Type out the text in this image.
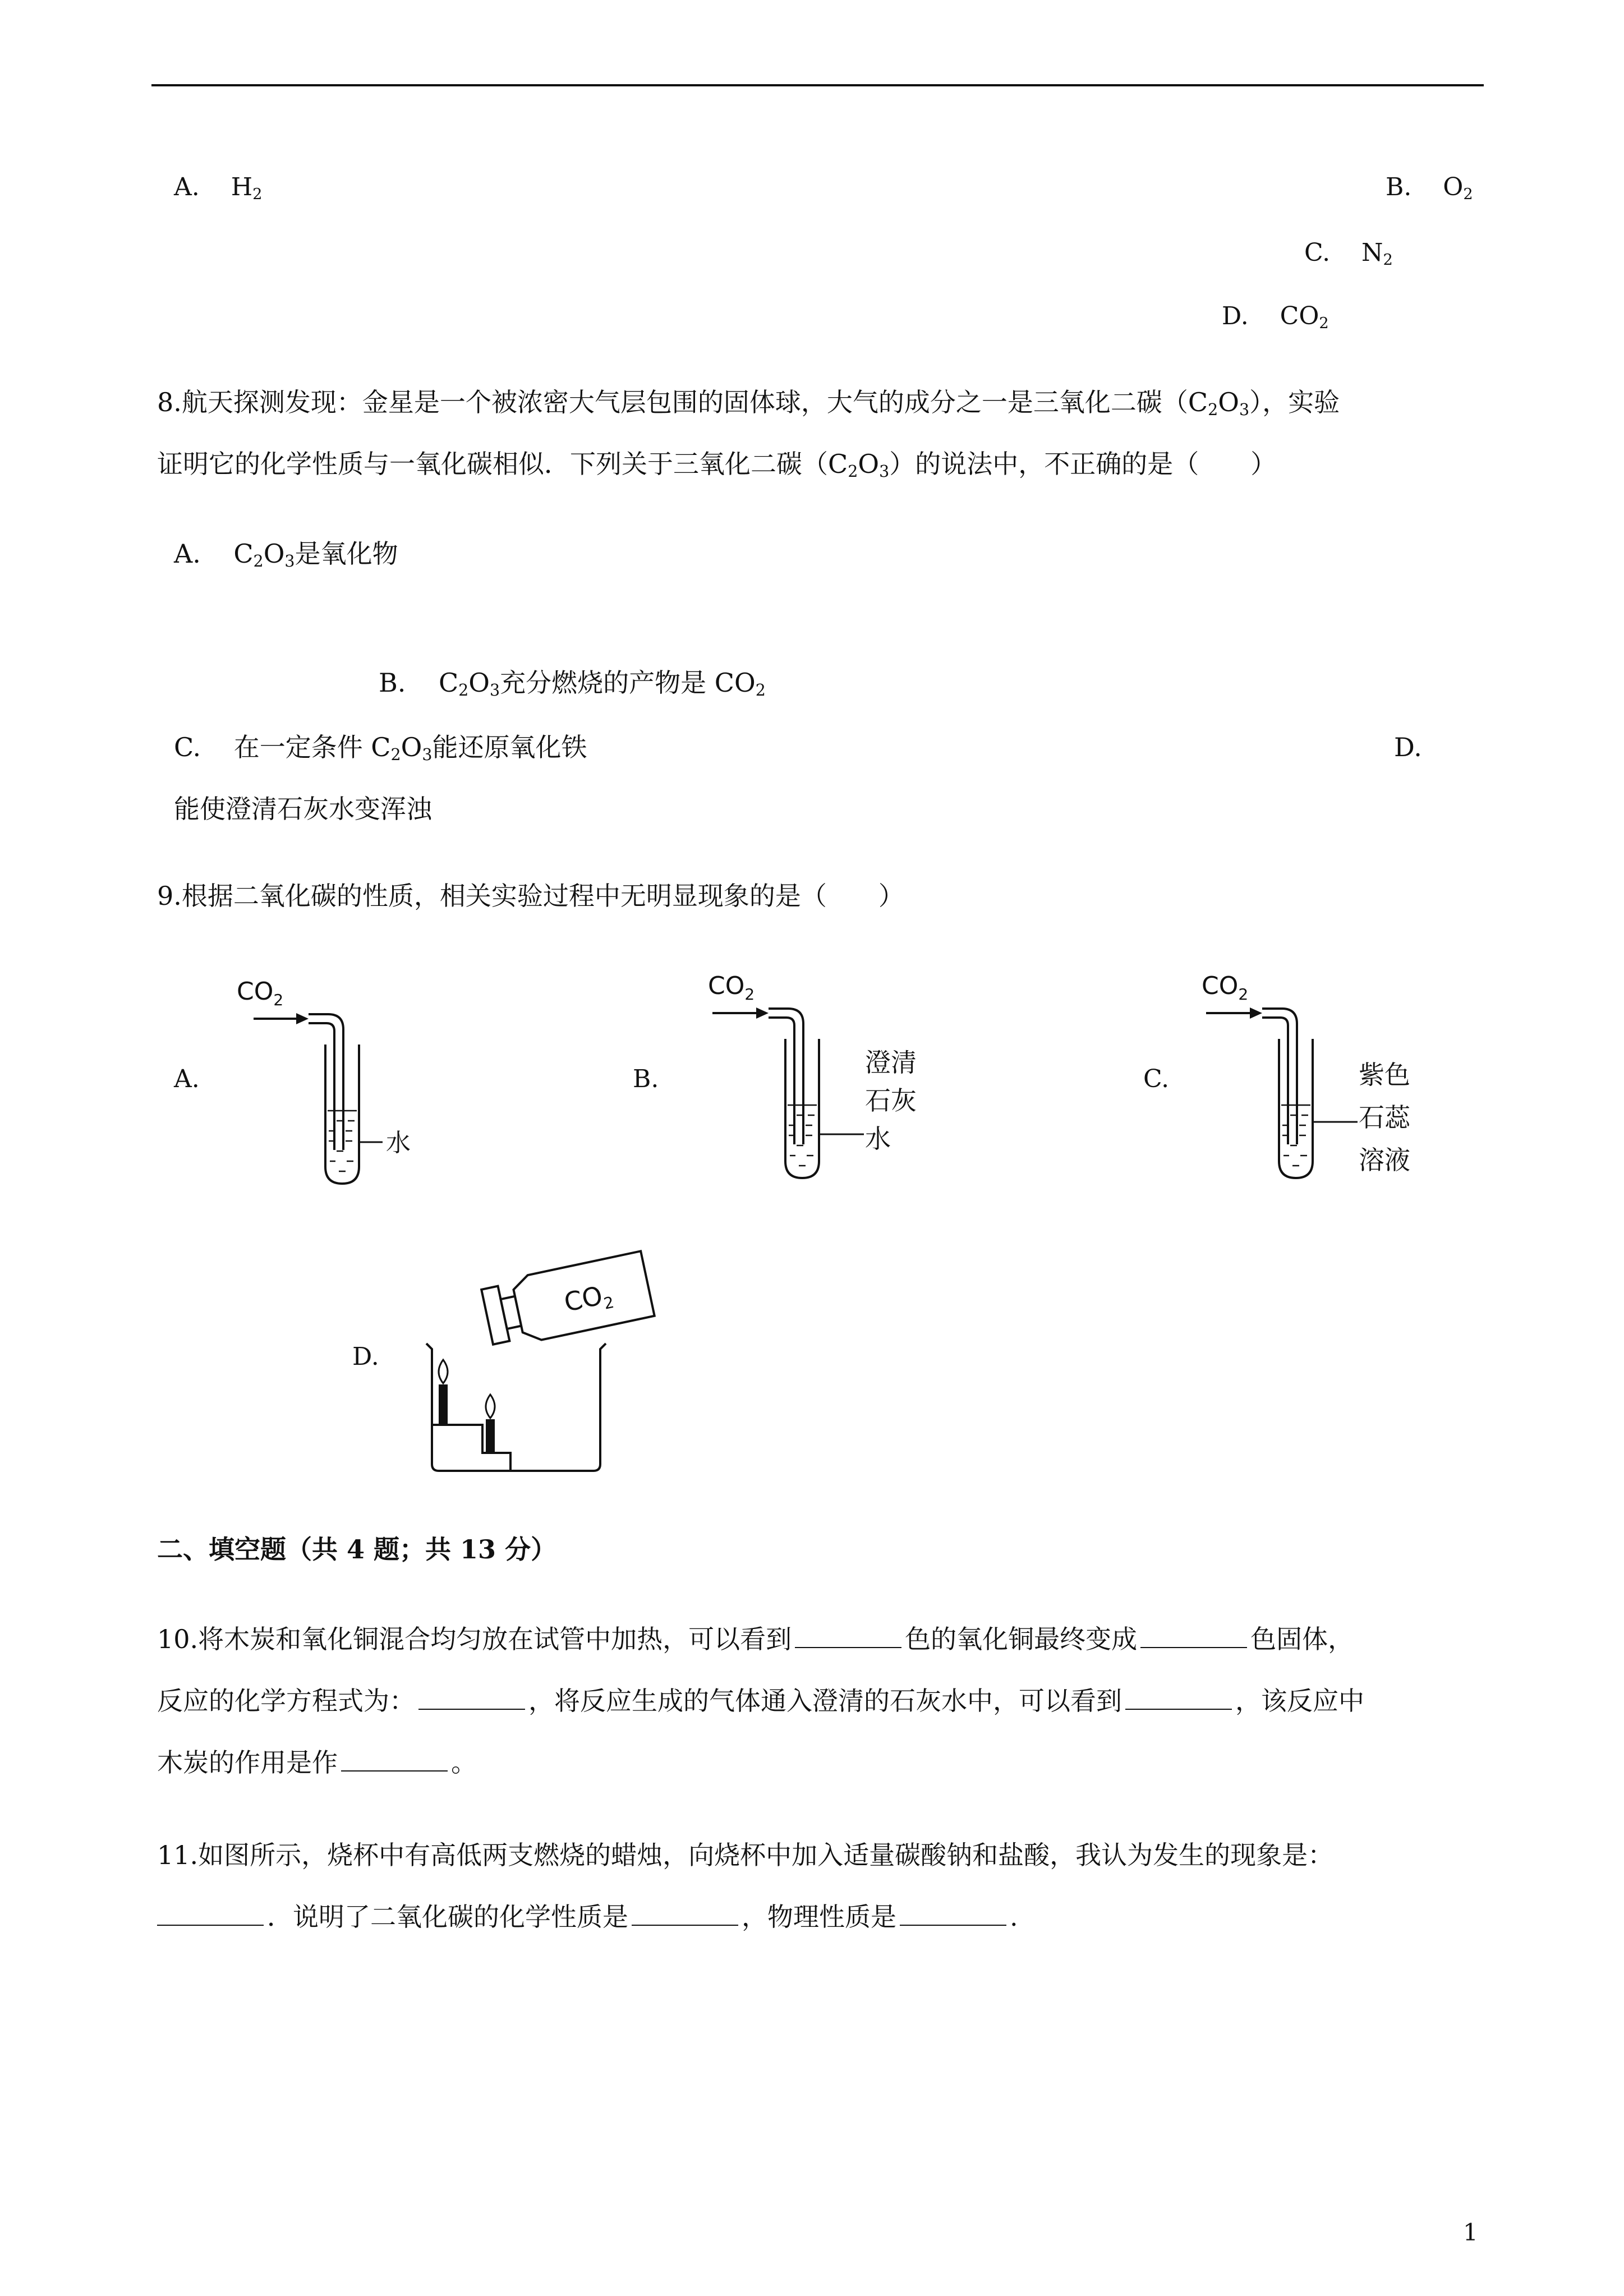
A. $H_2$	B. $O_2$
C. $N_2$
D. $CO_2$
8.航天探测发现：金星是一个被浓密大气层包围的固体球，大气的成分之一是三氧化二碳$(C_2O_3)$，实验
证明它的化学性质与一氧化碳相似．下列关于三氧化二碳$(C_2O_3)$的说法中，不正确的是（　　）
A. $C_2O_3$是氧化物
B. $C_2O_3$充分燃烧的产物是 $CO_2$
C. 在一定条件 $C_2O_3$能还原氧化铁	D.
能使澄清石灰水变浑浊
9.根据二氧化碳的性质，相关实验过程中无明显现象的是（　　）
A.	B.	C.
D.
$CO_2$
水
$CO_2$
澄清
石灰
水
$CO_2$
紫色
石蕊
溶液
$CO_2$
二、填空题（共 4 题；共 13 分）
10.将木炭和氧化铜混合均匀放在试管中加热，可以看到	色的氧化铜最终变成	色固体，
反应的化学方程式为：	，将反应生成的气体通入澄清的石灰水中，可以看到	，该反应中
木炭的作用是作	。
11.如图所示，烧杯中有高低两支燃烧的蜡烛，向烧杯中加入适量碳酸钠和盐酸，我认为发生的现象是：
．说明了二氧化碳的化学性质是	，物理性质是	.
1
